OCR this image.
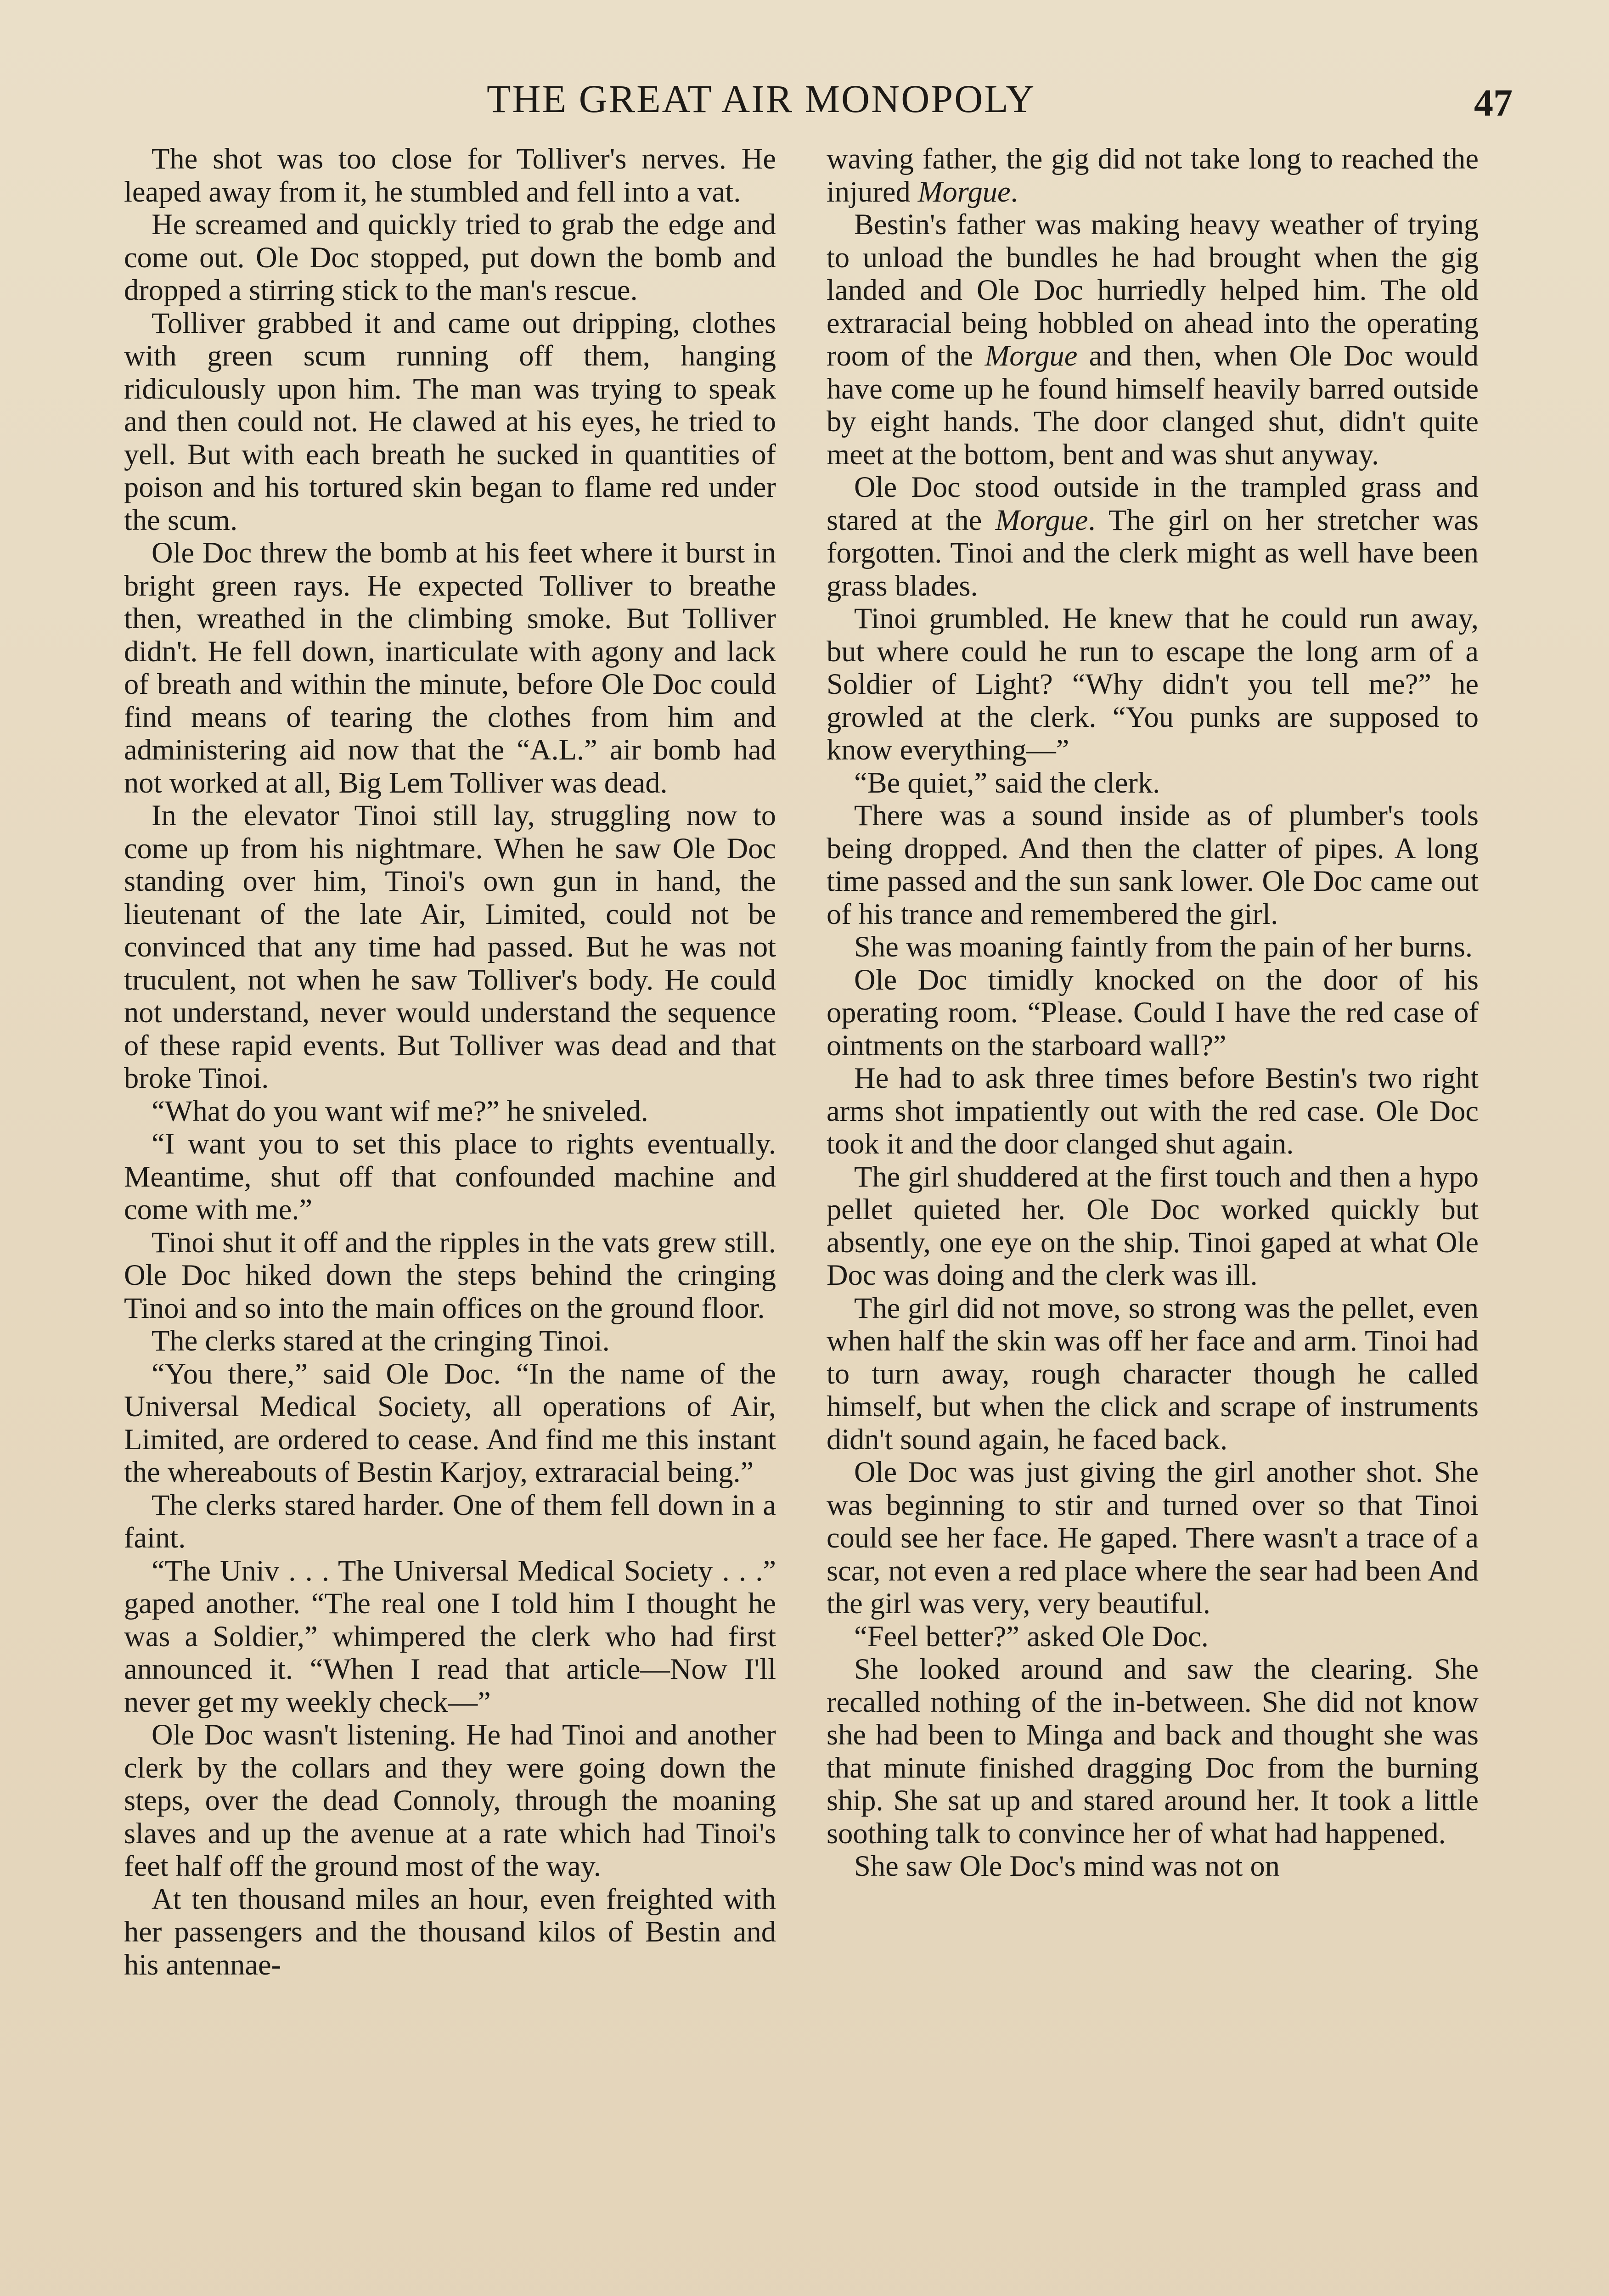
THE GREAT AIR MONOPOLY	47

The shot was too close for Tolliver's nerves. He leaped away from it, he stumbled and fell into a vat.

He screamed and quickly tried to grab the edge and come out. Ole Doc stopped, put down the bomb and dropped a stirring stick to the man's rescue.

Tolliver grabbed it and came out dripping, clothes with green scum running off them, hanging ridiculously upon him. The man was trying to speak and then could not. He clawed at his eyes, he tried to yell. But with each breath he sucked in quantities of poison and his tortured skin began to flame red under the scum.

Ole Doc threw the bomb at his feet where it burst in bright green rays. He expected Tolliver to breathe then, wreathed in the climbing smoke. But Tolliver didn't. He fell down, inarticulate with agony and lack of breath and within the minute, before Ole Doc could find means of tearing the clothes from him and administering aid now that the “A.L.” air bomb had not worked at all, Big Lem Tolliver was dead.

In the elevator Tinoi still lay, struggling now to come up from his nightmare. When he saw Ole Doc standing over him, Tinoi's own gun in hand, the lieutenant of the late Air, Limited, could not be convinced that any time had passed. But he was not truculent, not when he saw Tolliver's body. He could not understand, never would understand the sequence of these rapid events. But Tolliver was dead and that broke Tinoi.

“What do you want wif me?” he sniveled.

“I want you to set this place to rights eventually. Meantime, shut off that confounded machine and come with me.”

Tinoi shut it off and the ripples in the vats grew still. Ole Doc hiked down the steps behind the cringing Tinoi and so into the main offices on the ground floor.

The clerks stared at the cringing Tinoi.

“You there,” said Ole Doc. “In the name of the Universal Medical Society, all operations of Air, Limited, are ordered to cease. And find me this instant the whereabouts of Bestin Karjoy, extraracial being.”

The clerks stared harder. One of them fell down in a faint.

“The Univ . . . The Universal Medical Society . . .” gaped another. “The real one I told him I thought he was a Soldier,” whimpered the clerk who had first announced it. “When I read that article—Now I'll never get my weekly check—”

Ole Doc wasn't listening. He had Tinoi and another clerk by the collars and they were going down the steps, over the dead Connoly, through the moaning slaves and up the avenue at a rate which had Tinoi's feet half off the ground most of the way.

At ten thousand miles an hour, even freighted with her passengers and the thousand kilos of Bestin and his antennae-

waving father, the gig did not take long to reached the injured Morgue.

Bestin's father was making heavy weather of trying to unload the bundles he had brought when the gig landed and Ole Doc hurriedly helped him. The old extraracial being hobbled on ahead into the operating room of the Morgue and then, when Ole Doc would have come up he found himself heavily barred outside by eight hands. The door clanged shut, didn't quite meet at the bottom, bent and was shut anyway.

Ole Doc stood outside in the trampled grass and stared at the Morgue. The girl on her stretcher was forgotten. Tinoi and the clerk might as well have been grass blades.

Tinoi grumbled. He knew that he could run away, but where could he run to escape the long arm of a Soldier of Light? “Why didn't you tell me?” he growled at the clerk. “You punks are supposed to know everything—”

“Be quiet,” said the clerk.

There was a sound inside as of plumber's tools being dropped. And then the clatter of pipes. A long time passed and the sun sank lower. Ole Doc came out of his trance and remembered the girl.

She was moaning faintly from the pain of her burns.

Ole Doc timidly knocked on the door of his operating room. “Please. Could I have the red case of ointments on the starboard wall?”

He had to ask three times before Bestin's two right arms shot impatiently out with the red case. Ole Doc took it and the door clanged shut again.

The girl shuddered at the first touch and then a hypo pellet quieted her. Ole Doc worked quickly but absently, one eye on the ship. Tinoi gaped at what Ole Doc was doing and the clerk was ill.

The girl did not move, so strong was the pellet, even when half the skin was off her face and arm. Tinoi had to turn away, rough character though he called himself, but when the click and scrape of instruments didn't sound again, he faced back.

Ole Doc was just giving the girl another shot. She was beginning to stir and turned over so that Tinoi could see her face. He gaped. There wasn't a trace of a scar, not even a red place where the sear had been And the girl was very, very beautiful.

“Feel better?” asked Ole Doc.

She looked around and saw the clearing. She recalled nothing of the in-between. She did not know she had been to Minga and back and thought she was that minute finished dragging Doc from the burning ship. She sat up and stared around her. It took a little soothing talk to convince her of what had happened.

She saw Ole Doc's mind was not on
